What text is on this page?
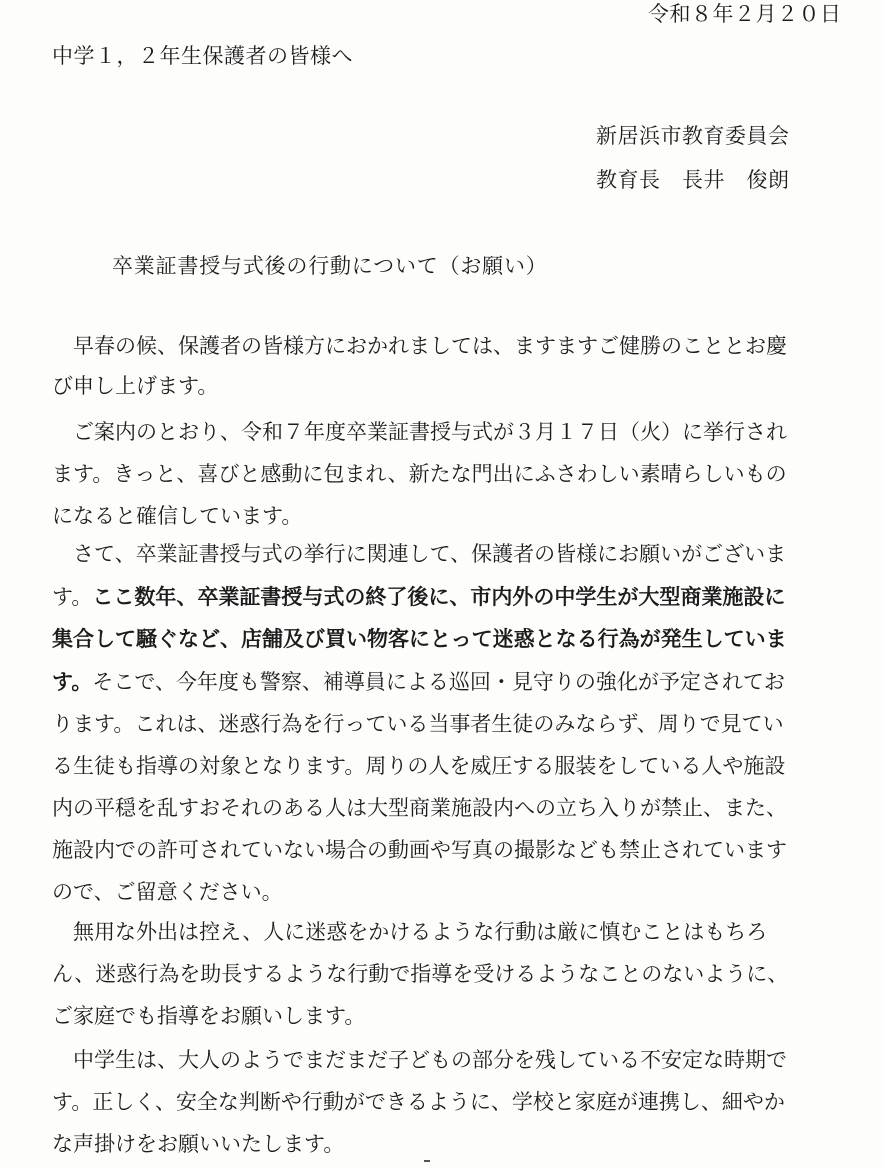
令和８年２月２０日
中学１，２年生保護者の皆様へ
新居浜市教育委員会
教育長　長井　俊朗
卒業証書授与式後の行動について（お願い）
　早春の候、保護者の皆様方におかれましては、ますますご健勝のこととお慶
び申し上げます。
　ご案内のとおり、令和７年度卒業証書授与式が３月１７日（火）に挙行され
ます。きっと、喜びと感動に包まれ、新たな門出にふさわしい素晴らしいもの
になると確信しています。
　さて、卒業証書授与式の挙行に関連して、保護者の皆様にお願いがございま
す。ここ数年、卒業証書授与式の終了後に、市内外の中学生が大型商業施設に
集合して騒ぐなど、店舗及び買い物客にとって迷惑となる行為が発生していま
す。そこで、今年度も警察、補導員による巡回・見守りの強化が予定されてお
ります。これは、迷惑行為を行っている当事者生徒のみならず、周りで見てい
る生徒も指導の対象となります。周りの人を威圧する服装をしている人や施設
内の平穏を乱すおそれのある人は大型商業施設内への立ち入りが禁止、また、
施設内での許可されていない場合の動画や写真の撮影なども禁止されています
ので、ご留意ください。
　無用な外出は控え、人に迷惑をかけるような行動は厳に慎むことはもちろ
ん、迷惑行為を助長するような行動で指導を受けるようなことのないように、
ご家庭でも指導をお願いします。
　中学生は、大人のようでまだまだ子どもの部分を残している不安定な時期で
す。正しく、安全な判断や行動ができるように、学校と家庭が連携し、細やか
な声掛けをお願いいたします。
